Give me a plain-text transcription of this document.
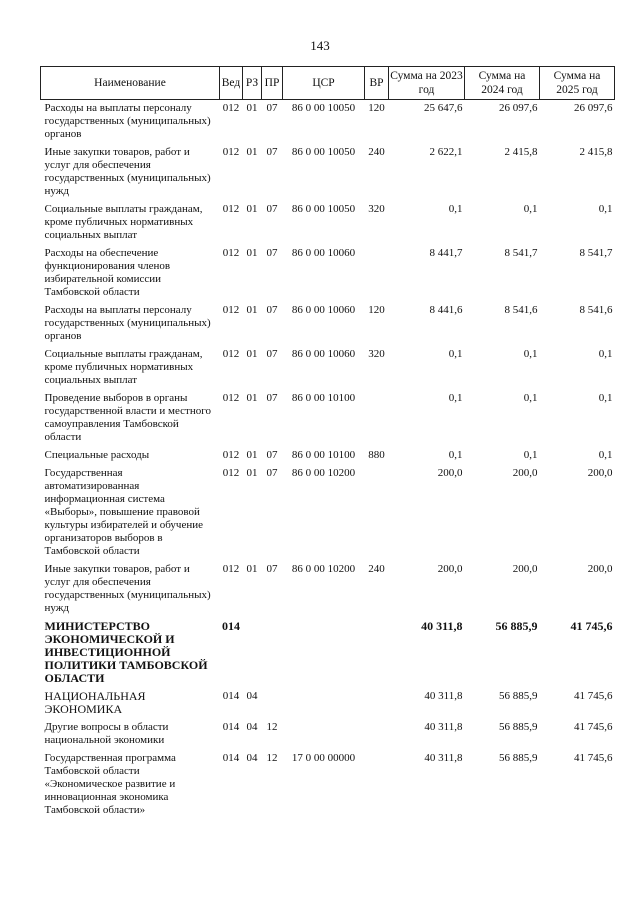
143
Наименование	Вед	РЗ	ПР	ЦСР	ВР	Сумма на 2023 год	Сумма на 2024 год	Сумма на 2025 год
Расходы на выплаты персоналу государственных (муниципальных) органов	012	01	07	86 0 00 10050	120	25 647,6	26 097,6	26 097,6
Иные закупки товаров, работ и услуг для обеспечения государственных (муниципальных) нужд	012	01	07	86 0 00 10050	240	2 622,1	2 415,8	2 415,8
Социальные выплаты гражданам, кроме публичных нормативных социальных выплат	012	01	07	86 0 00 10050	320	0,1	0,1	0,1
Расходы на обеспечение функционирования членов избирательной комиссии Тамбовской области	012	01	07	86 0 00 10060		8 441,7	8 541,7	8 541,7
Расходы на выплаты персоналу государственных (муниципальных) органов	012	01	07	86 0 00 10060	120	8 441,6	8 541,6	8 541,6
Социальные выплаты гражданам, кроме публичных нормативных социальных выплат	012	01	07	86 0 00 10060	320	0,1	0,1	0,1
Проведение выборов в органы государственной власти и местного самоуправления Тамбовской области	012	01	07	86 0 00 10100		0,1	0,1	0,1
Специальные расходы	012	01	07	86 0 00 10100	880	0,1	0,1	0,1
Государственная автоматизированная информационная система «Выборы», повышение правовой культуры избирателей и обучение организаторов выборов в Тамбовской области	012	01	07	86 0 00 10200		200,0	200,0	200,0
Иные закупки товаров, работ и услуг для обеспечения государственных (муниципальных) нужд	012	01	07	86 0 00 10200	240	200,0	200,0	200,0
МИНИСТЕРСТВО ЭКОНОМИЧЕСКОЙ И ИНВЕСТИЦИОННОЙ ПОЛИТИКИ ТАМБОВСКОЙ ОБЛАСТИ	014					40 311,8	56 885,9	41 745,6
НАЦИОНАЛЬНАЯ ЭКОНОМИКА	014	04				40 311,8	56 885,9	41 745,6
Другие вопросы в области национальной экономики	014	04	12			40 311,8	56 885,9	41 745,6
Государственная программа Тамбовской области «Экономическое развитие и инновационная экономика Тамбовской области»	014	04	12	17 0 00 00000		40 311,8	56 885,9	41 745,6
